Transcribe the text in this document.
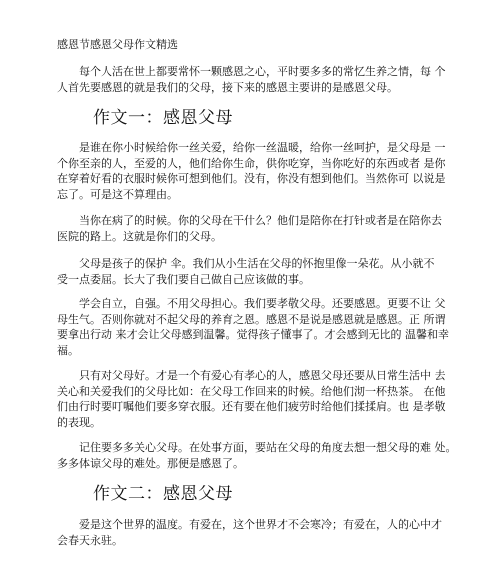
感恩节感恩父母作文精选

每个人活在世上都要常怀一颗感恩之心，平时要多多的常忆生养之情，每 个
人首先要感恩的就是我们的父母，接下来的感恩主要讲的是感恩父母。

作文一：感恩父母

是谁在你小时候给你一丝关爱，给你一丝温暖，给你一丝呵护，是父母是 一
个你至亲的人，至爱的人，他们给你生命，供你吃穿，当你吃好的东西或者 是你
在穿着好看的衣服时候你可想到他们。没有，你没有想到他们。当然你可 以说是
忘了。可是这不算理由。

当你在病了的时候。你的父母在干什么？他们是陪你在打针或者是在陪你去
医院的路上。这就是你们的父母。

父母是孩子的保护 伞。我们从小生活在父母的怀抱里像一朵花。从小就不
受一点委屈。长大了我们要自己做自己应该做的事。

学会自立，自强。不用父母担心。我们要孝敬父母。还要感恩。更要不让 父
母生气。否则你就对不起父母的养育之恩。感恩不是说是感恩就是感恩。正 所谓
要拿出行动 来才会让父母感到温馨。觉得孩子懂事了。才会感到无比的 温馨和幸
福。

只有对父母好。才是一个有爱心有孝心的人，感恩父母还要从日常生活中 去
关心和关爱我们的父母比如：在父母工作回来的时候。给他们沏一杯热茶。 在他
们由行时要叮嘱他们要多穿衣服。还有要在他们疲劳时给他们揉揉肩。也 是孝敬
的表现。

记住要多多关心父母。在处事方面，要站在父母的角度去想一想父母的难 处。
多多体谅父母的难处。那便是感恩了。

作文二：感恩父母

爱是这个世界的温度。有爱在，这个世界才不会寒冷；有爱在，人的心中才
会春天永驻。
